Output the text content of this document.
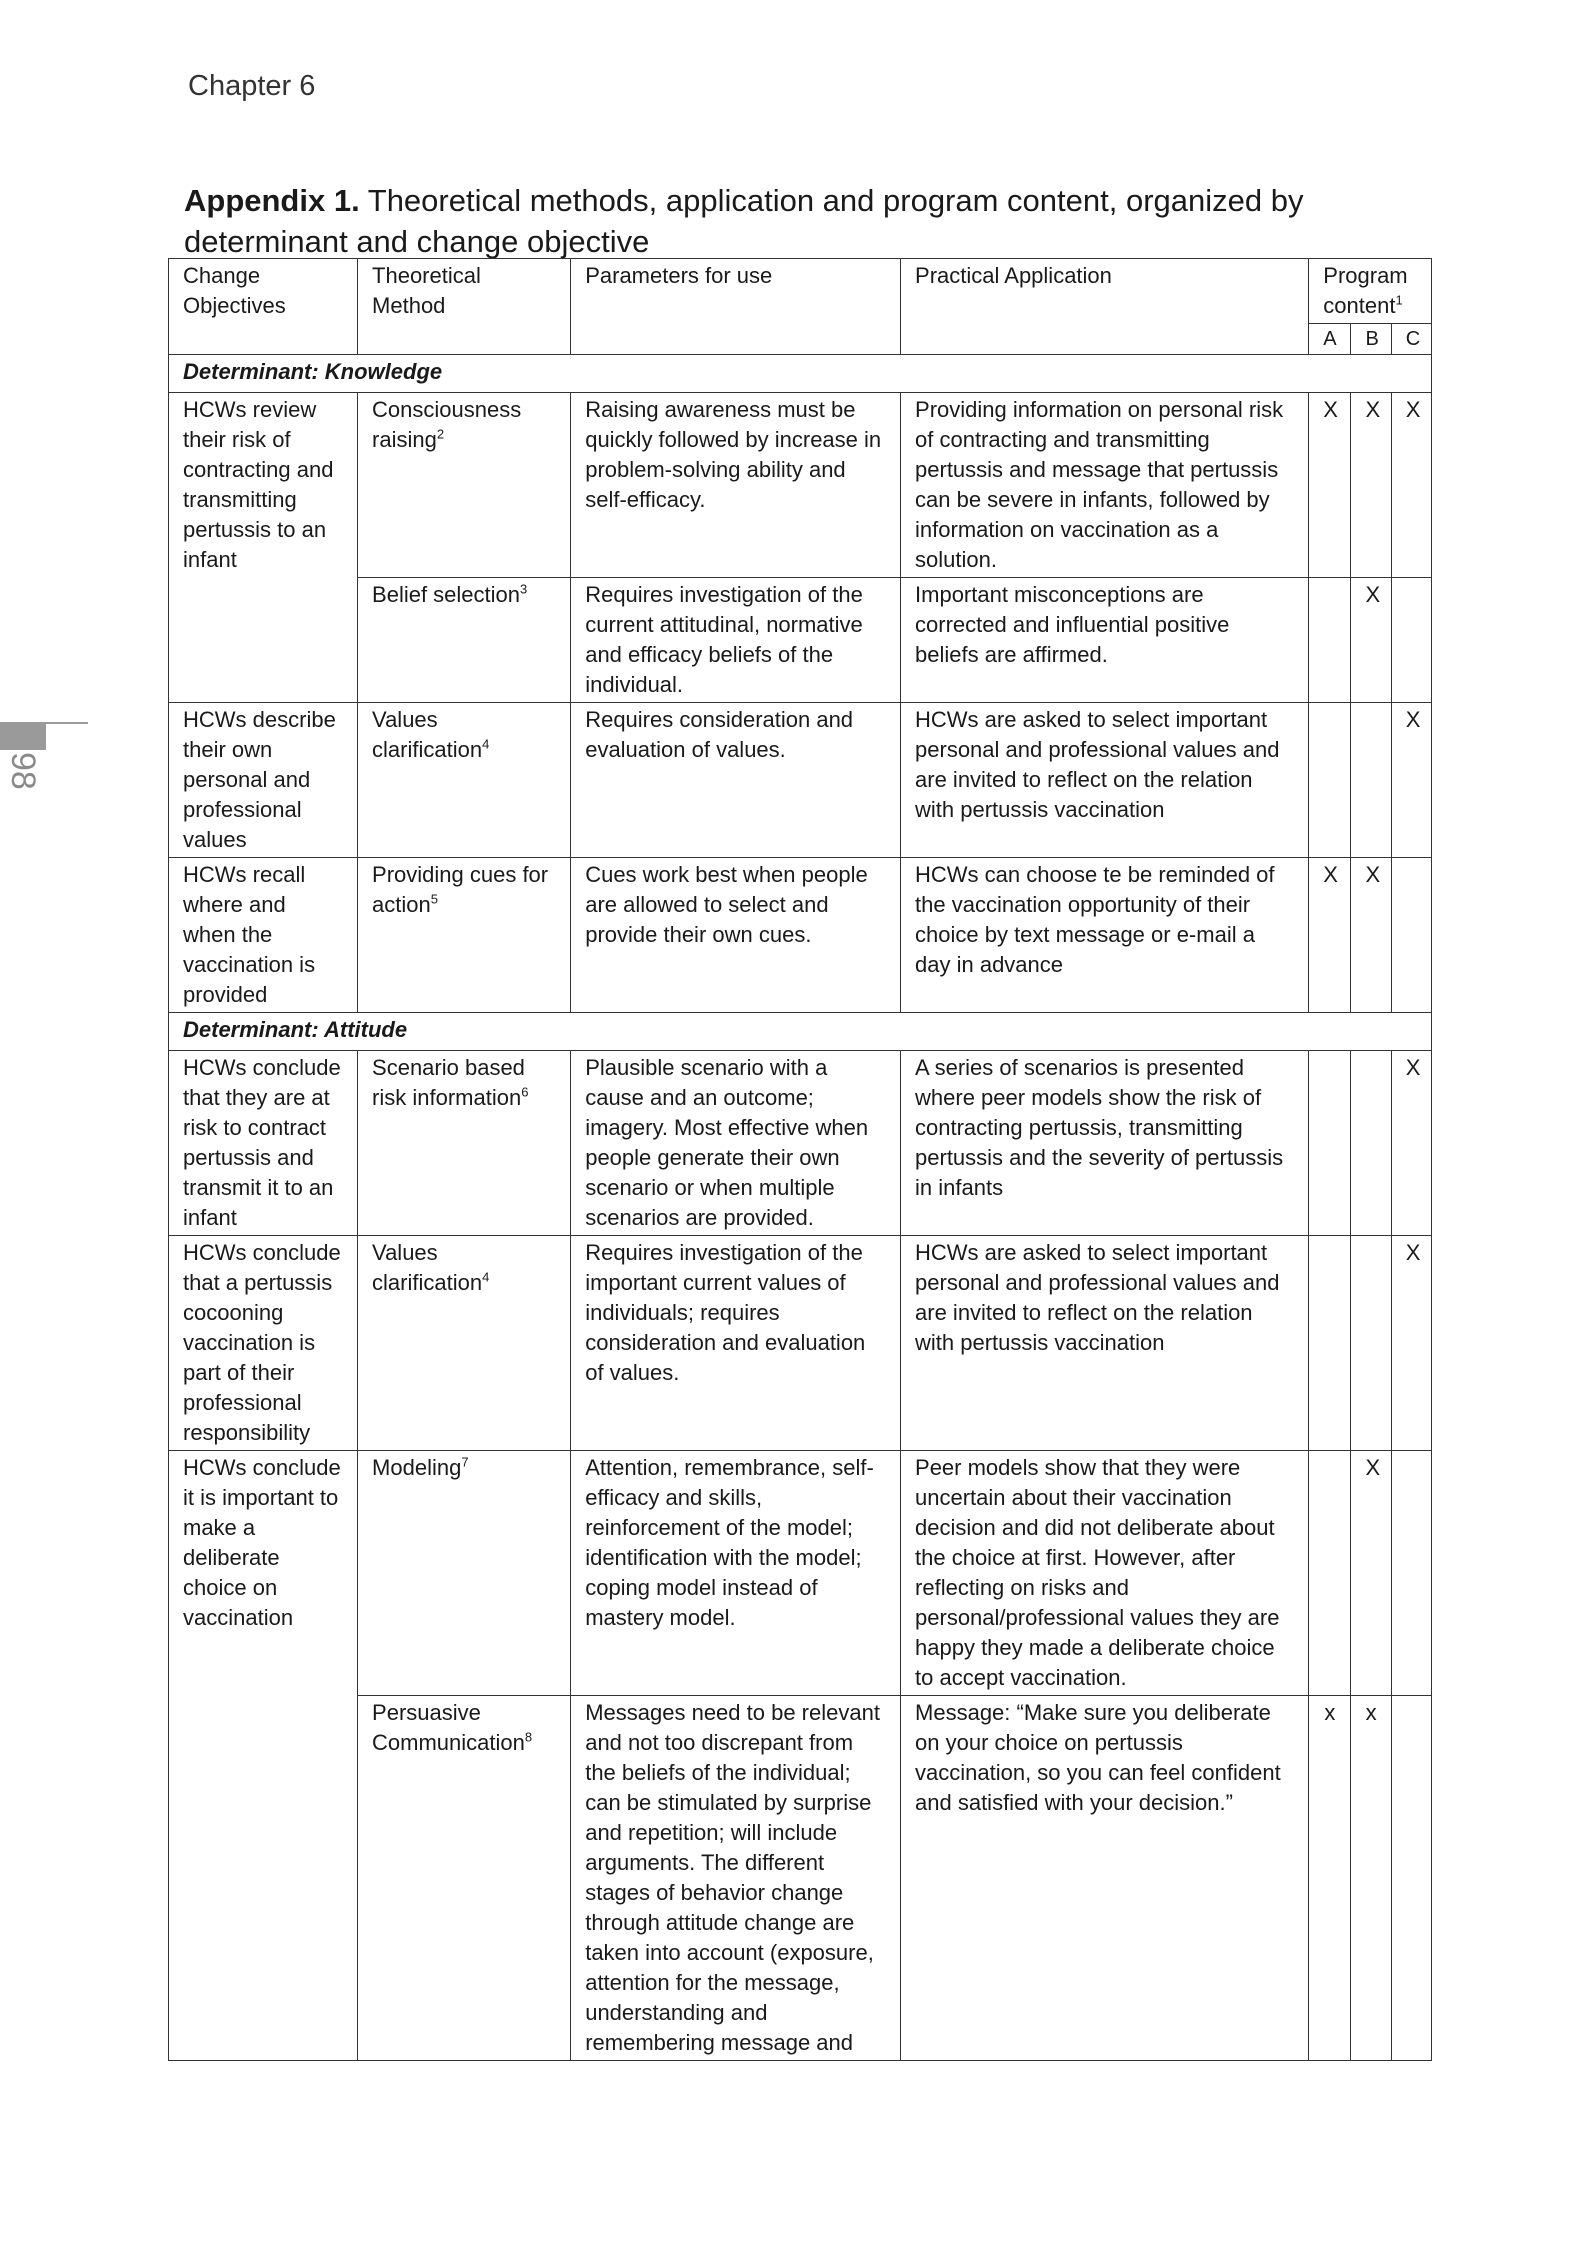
Chapter 6
Appendix 1. Theoretical methods, application and program content, organized by determinant and change objective
98
Change Objectives	Theoretical Method	Parameters for use	Practical Application	Program content$^1$
				A	B	C
Determinant: Knowledge						
HCWs review their risk of contracting and transmitting pertussis to an infant	Consciousness raising$^2$	Raising awareness must be quickly followed by increase in problem-solving ability and self-efficacy.	Providing information on personal risk of contracting and transmitting pertussis and message that pertussis can be severe in infants, followed by information on vaccination as a solution.	X	X	X
	Belief selection$^3$	Requires investigation of the current attitudinal, normative and efficacy beliefs of the individual.	Important misconceptions are corrected and influential positive beliefs are affirmed.		X	
HCWs describe their own personal and professional values	Values clarification$^4$	Requires consideration and evaluation of values.	HCWs are asked to select important personal and professional values and are invited to reflect on the relation with pertussis vaccination			X
HCWs recall where and when the vaccination is provided	Providing cues for action$^5$	Cues work best when people are allowed to select and provide their own cues.	HCWs can choose te be reminded of the vaccination opportunity of their choice by text message or e-mail a day in advance	X	X	
Determinant: Attitude						
HCWs conclude that they are at risk to contract pertussis and transmit it to an infant	Scenario based risk information$^6$	Plausible scenario with a cause and an outcome; imagery. Most effective when people generate their own scenario or when multiple scenarios are provided.	A series of scenarios is presented where peer models show the risk of contracting pertussis, transmitting pertussis and the severity of pertussis in infants			X
HCWs conclude that a pertussis cocooning vaccination is part of their professional responsibility	Values clarification$^4$	Requires investigation of the important current values of individuals; requires consideration and evaluation of values.	HCWs are asked to select important personal and professional values and are invited to reflect on the relation with pertussis vaccination			X
HCWs conclude it is important to make a deliberate choice on vaccination	Modeling$^7$	Attention, remembrance, self-efficacy and skills, reinforcement of the model; identification with the model; coping model instead of mastery model.	Peer models show that they were uncertain about their vaccination decision and did not deliberate about the choice at first. However, after reflecting on risks and personal/professional values they are happy they made a deliberate choice to accept vaccination.		X	
	Persuasive Communication$^8$	Messages need to be relevant and not too discrepant from the beliefs of the individual; can be stimulated by surprise and repetition; will include arguments. The different stages of behavior change through attitude change are taken into account (exposure, attention for the message, understanding and remembering message and	Message: “Make sure you deliberate on your choice on pertussis vaccination, so you can feel confident and satisfied with your decision.”	x	x	
